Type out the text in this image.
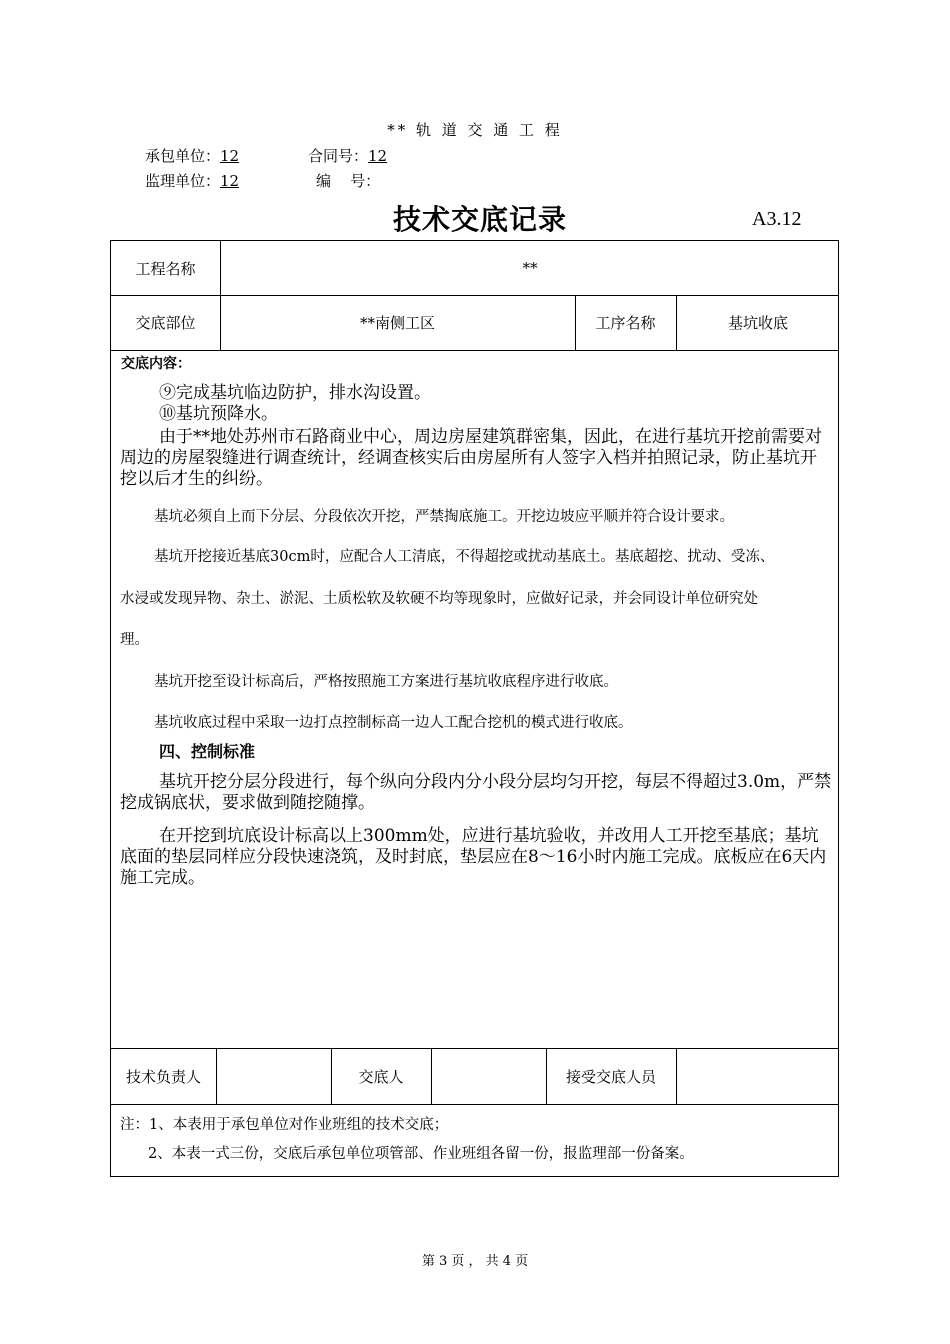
** 轨 道 交 通 工 程
承包单位：12	合同号：12
监理单位：12	编    号：
技术交底记录	A3.12
工程名称	**
交底部位	**南侧工区	工序名称	基坑收底
交底内容：
⑨完成基坑临边防护，排水沟设置。
⑩基坑预降水。
由于**地处苏州市石路商业中心，周边房屋建筑群密集，因此，在进行基坑开挖前需要对周边的房屋裂缝进行调查统计，经调查核实后由房屋所有人签字入档并拍照记录，防止基坑开挖以后才生的纠纷。
基坑必须自上而下分层、分段依次开挖，严禁掏底施工。开挖边坡应平顺并符合设计要求。
基坑开挖接近基底30cm时，应配合人工清底，不得超挖或扰动基底土。基底超挖、扰动、受冻、
水浸或发现异物、杂土、淤泥、土质松软及软硬不均等现象时，应做好记录，并会同设计单位研究处
理。
基坑开挖至设计标高后，严格按照施工方案进行基坑收底程序进行收底。
基坑收底过程中采取一边打点控制标高一边人工配合挖机的模式进行收底。
四、控制标准
基坑开挖分层分段进行，每个纵向分段内分小段分层均匀开挖，每层不得超过3.0m，严禁挖成锅底状，要求做到随挖随撑。
在开挖到坑底设计标高以上300mm处，应进行基坑验收，并改用人工开挖至基底；基坑底面的垫层同样应分段快速浇筑，及时封底，垫层应在8～16小时内施工完成。底板应在6天内施工完成。
技术负责人	交底人	接受交底人员
注：1、本表用于承包单位对作业班组的技术交底；
2、本表一式三份，交底后承包单位项管部、作业班组各留一份，报监理部一份备案。
第 3 页 ， 共 4 页
